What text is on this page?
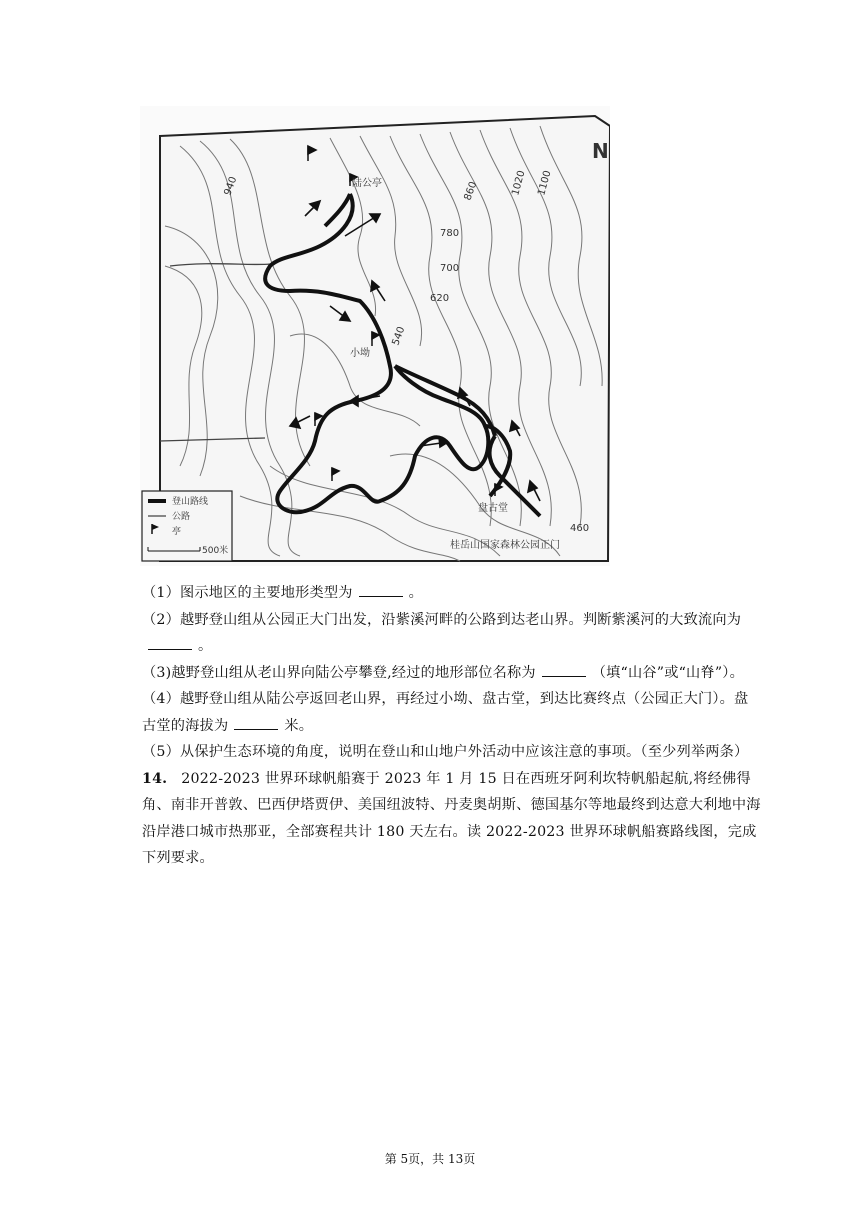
940	860
780
700
620
540
460
1020 1100
陆公亭
小坳
盘古堂
桂岳山国家森林公园正门
N
登山路线
公路
亭
500米

（1）图示地区的主要地形类型为	。

（2）越野登山组从公园正大门出发，沿紫溪河畔的公路到达老山界。判断紫溪河的大致流向为。

（3)越野登山组从老山界向陆公亭攀登,经过的地形部位名称为	（填“山谷”或“山脊”）。

（4）越野登山组从陆公亭返回老山界，再经过小坳、盘古堂，到达比赛终点（公园正大门）。盘古堂的海拔为	米。

（5）从保护生态环境的角度，说明在登山和山地户外活动中应该注意的事项。（至少列举两条）

14. 2022-2023 世界环球帆船赛于 2023 年 1 月 15 日在西班牙阿利坎特帆船起航,将经佛得角、南非开普敦、巴西伊塔贾伊、美国纽波特、丹麦奥胡斯、德国基尔等地最终到达意大利地中海沿岸港口城市热那亚，全部赛程共计 180 天左右。读 2022-2023 世界环球帆船赛路线图，完成下列要求。

第 5页，共 13页
